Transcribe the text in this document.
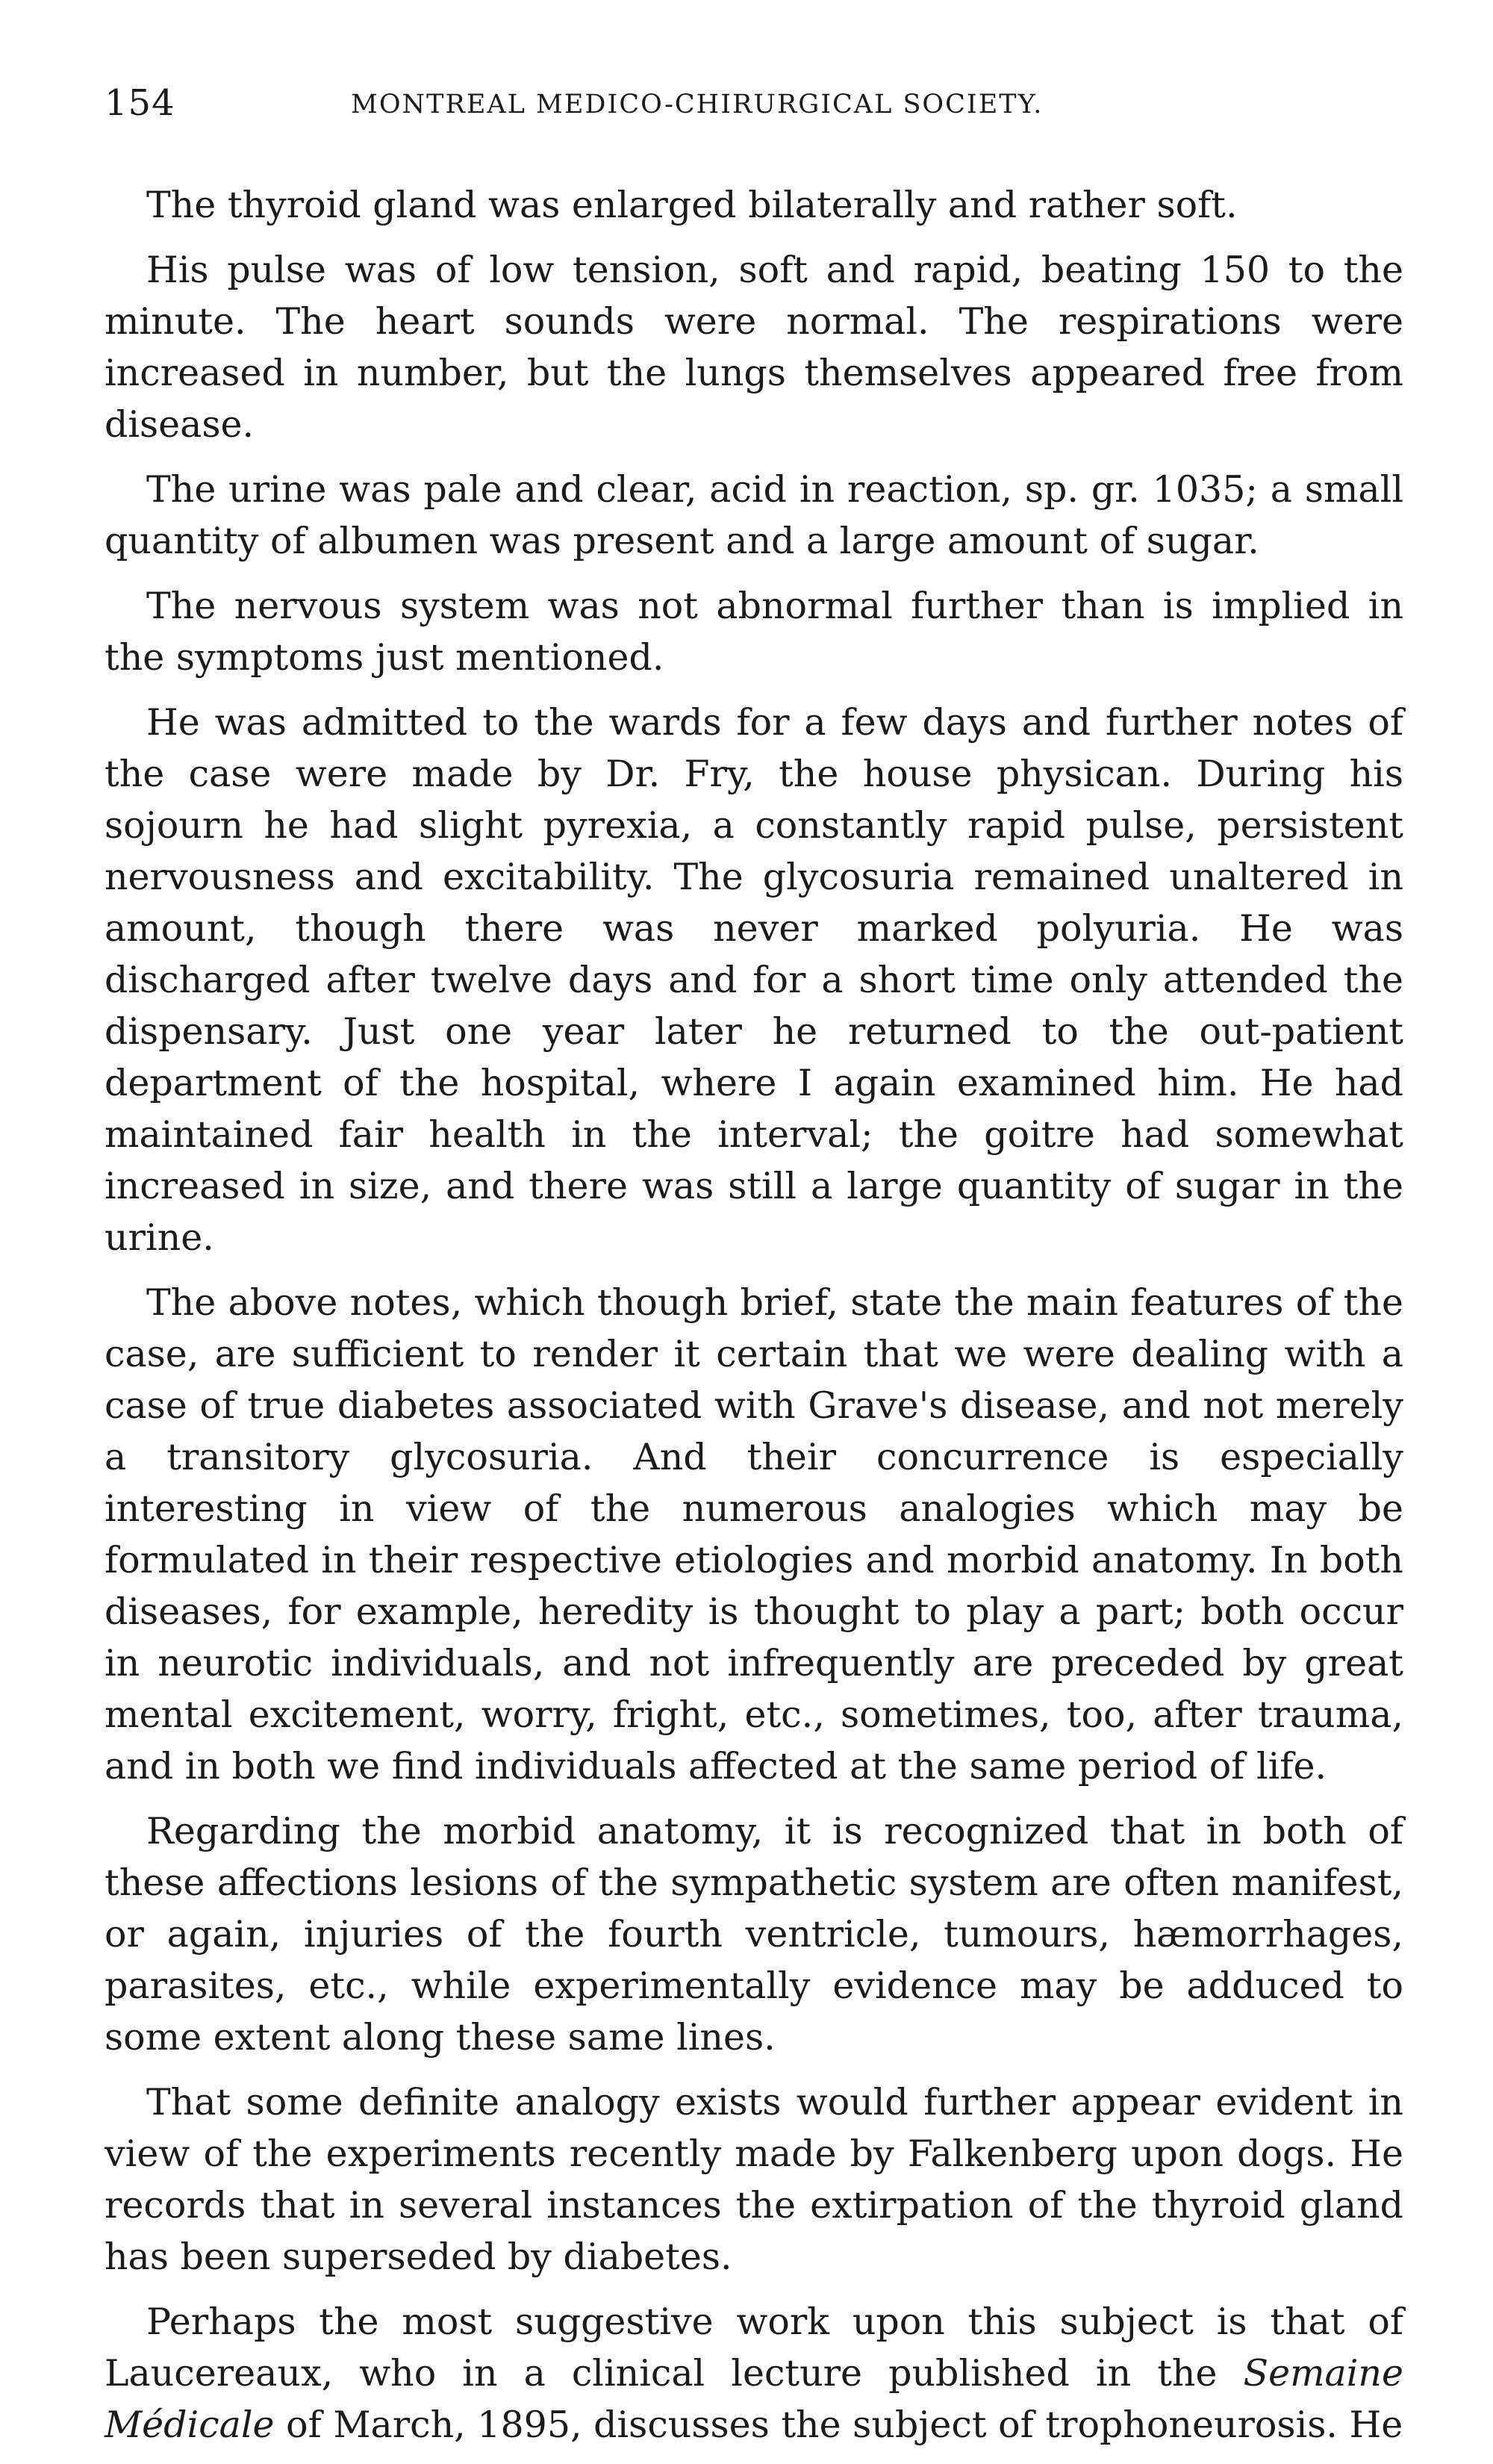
154	MONTREAL MEDICO-CHIRURGICAL SOCIETY.

The thyroid gland was enlarged bilaterally and rather soft.

His pulse was of low tension, soft and rapid, beating 150 to the minute. The heart sounds were normal. The respirations were increased in number, but the lungs themselves appeared free from disease.

The urine was pale and clear, acid in reaction, sp. gr. 1035; a small quantity of albumen was present and a large amount of sugar.

The nervous system was not abnormal further than is implied in the symptoms just mentioned.

He was admitted to the wards for a few days and further notes of the case were made by Dr. Fry, the house physican. During his sojourn he had slight pyrexia, a constantly rapid pulse, persistent nervousness and excitability. The glycosuria remained unaltered in amount, though there was never marked polyuria. He was discharged after twelve days and for a short time only attended the dispensary. Just one year later he returned to the out-patient department of the hospital, where I again examined him. He had maintained fair health in the interval; the goitre had somewhat increased in size, and there was still a large quantity of sugar in the urine.

The above notes, which though brief, state the main features of the case, are sufficient to render it certain that we were dealing with a case of true diabetes associated with Grave's disease, and not merely a transitory glycosuria. And their concurrence is especially interesting in view of the numerous analogies which may be formulated in their respective etiologies and morbid anatomy. In both diseases, for example, heredity is thought to play a part; both occur in neurotic individuals, and not infrequently are preceded by great mental excitement, worry, fright, etc., sometimes, too, after trauma, and in both we find individuals affected at the same period of life.

Regarding the morbid anatomy, it is recognized that in both of these affections lesions of the sympathetic system are often manifest, or again, injuries of the fourth ventricle, tumours, hæmorrhages, parasites, etc., while experimentally evidence may be adduced to some extent along these same lines.

That some definite analogy exists would further appear evident in view of the experiments recently made by Falkenberg upon dogs. He records that in several instances the extirpation of the thyroid gland has been superseded by diabetes.

Perhaps the most suggestive work upon this subject is that of Laucereaux, who in a clinical lecture published in the Semaine Médicale of March, 1895, discusses the subject of trophoneurosis. He
